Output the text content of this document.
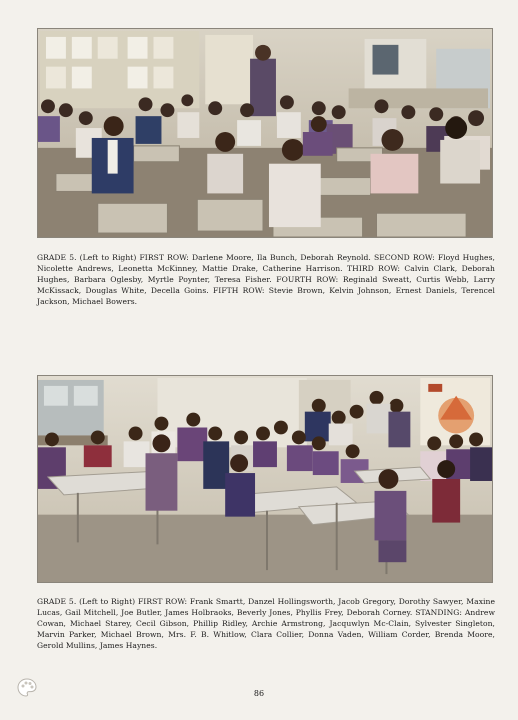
GRADE 5. (Left to Right) FIRST ROW: Darlene Moore, Ila Bunch, Deborah Reynold. SECOND ROW: Floyd Hughes, Nicolette Andrews, Leonetta McKinney, Mattie Drake, Catherine Harrison. THIRD ROW: Calvin Clark, Deborah Hughes, Barbara Oglesby, Myrtle Poynter, Teresa Fisher. FOURTH ROW: Reginald Sweatt, Curtis Webb, Larry McKissack, Douglas White, Decella Goins. FIFTH ROW: Stevie Brown, Kelvin Johnson, Ernest Daniels, Terencel Jackson, Michael Bowers.
GRADE 5. (Left to Right) FIRST ROW: Frank Smartt, Danzel Hollingsworth, Jacob Gregory, Dorothy Sawyer, Maxine Lucas, Gail Mitchell, Joe Butler, James Holbraoks, Beverly Jones, Phyllis Frey, Deborah Corney. STANDING: Andrew Cowan, Michael Starey, Cecil Gibson, Phillip Ridley, Archie Armstrong, Jacquwlyn Mc-Clain, Sylvester Singleton, Marvin Parker, Michael Brown, Mrs. F. B. Whitlow, Clara Collier, Donna Vaden, William Corder, Brenda Moore, Gerold Mullins, James Haynes.
86
